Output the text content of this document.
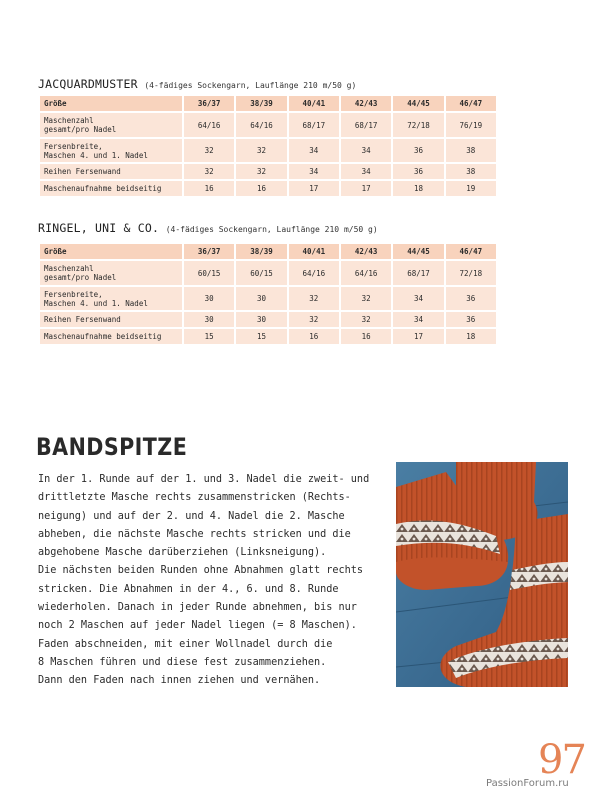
JACQUARDMUSTER (4-fädiges Sockengarn, Lauflänge 210 m/50 g)
Größe	36/37	38/39	40/41	42/43	44/45	46/47
Maschenzahl
gesamt/pro Nadel	64/16	64/16	68/17	68/17	72/18	76/19
Fersenbreite,
Maschen 4. und 1. Nadel	32	32	34	34	36	38
Reihen Fersenwand	32	32	34	34	36	38
Maschenaufnahme beidseitig	16	16	17	17	18	19
RINGEL, UNI & CO. (4-fädiges Sockengarn, Lauflänge 210 m/50 g)
Größe	36/37	38/39	40/41	42/43	44/45	46/47
Maschenzahl
gesamt/pro Nadel	60/15	60/15	64/16	64/16	68/17	72/18
Fersenbreite,
Maschen 4. und 1. Nadel	30	30	32	32	34	36
Reihen Fersenwand	30	30	32	32	34	36
Maschenaufnahme beidseitig	15	15	16	16	17	18
BANDSPITZE

In der 1. Runde auf der 1. und 3. Nadel die zweit- und
drittletzte Masche rechts zusammenstricken (Rechts-
neigung) und auf der 2. und 4. Nadel die 2. Masche
abheben, die nächste Masche rechts stricken und die
abgehobene Masche darüberziehen (Linksneigung).
Die nächsten beiden Runden ohne Abnahmen glatt rechts
stricken. Die Abnahmen in der 4., 6. und 8. Runde
wiederholen. Danach in jeder Runde abnehmen, bis nur
noch 2 Maschen auf jeder Nadel liegen (= 8 Maschen).
Faden abschneiden, mit einer Wollnadel durch die
8 Maschen führen und diese fest zusammenziehen.
Dann den Faden nach innen ziehen und vernähen.

97
PassionForum.ru
